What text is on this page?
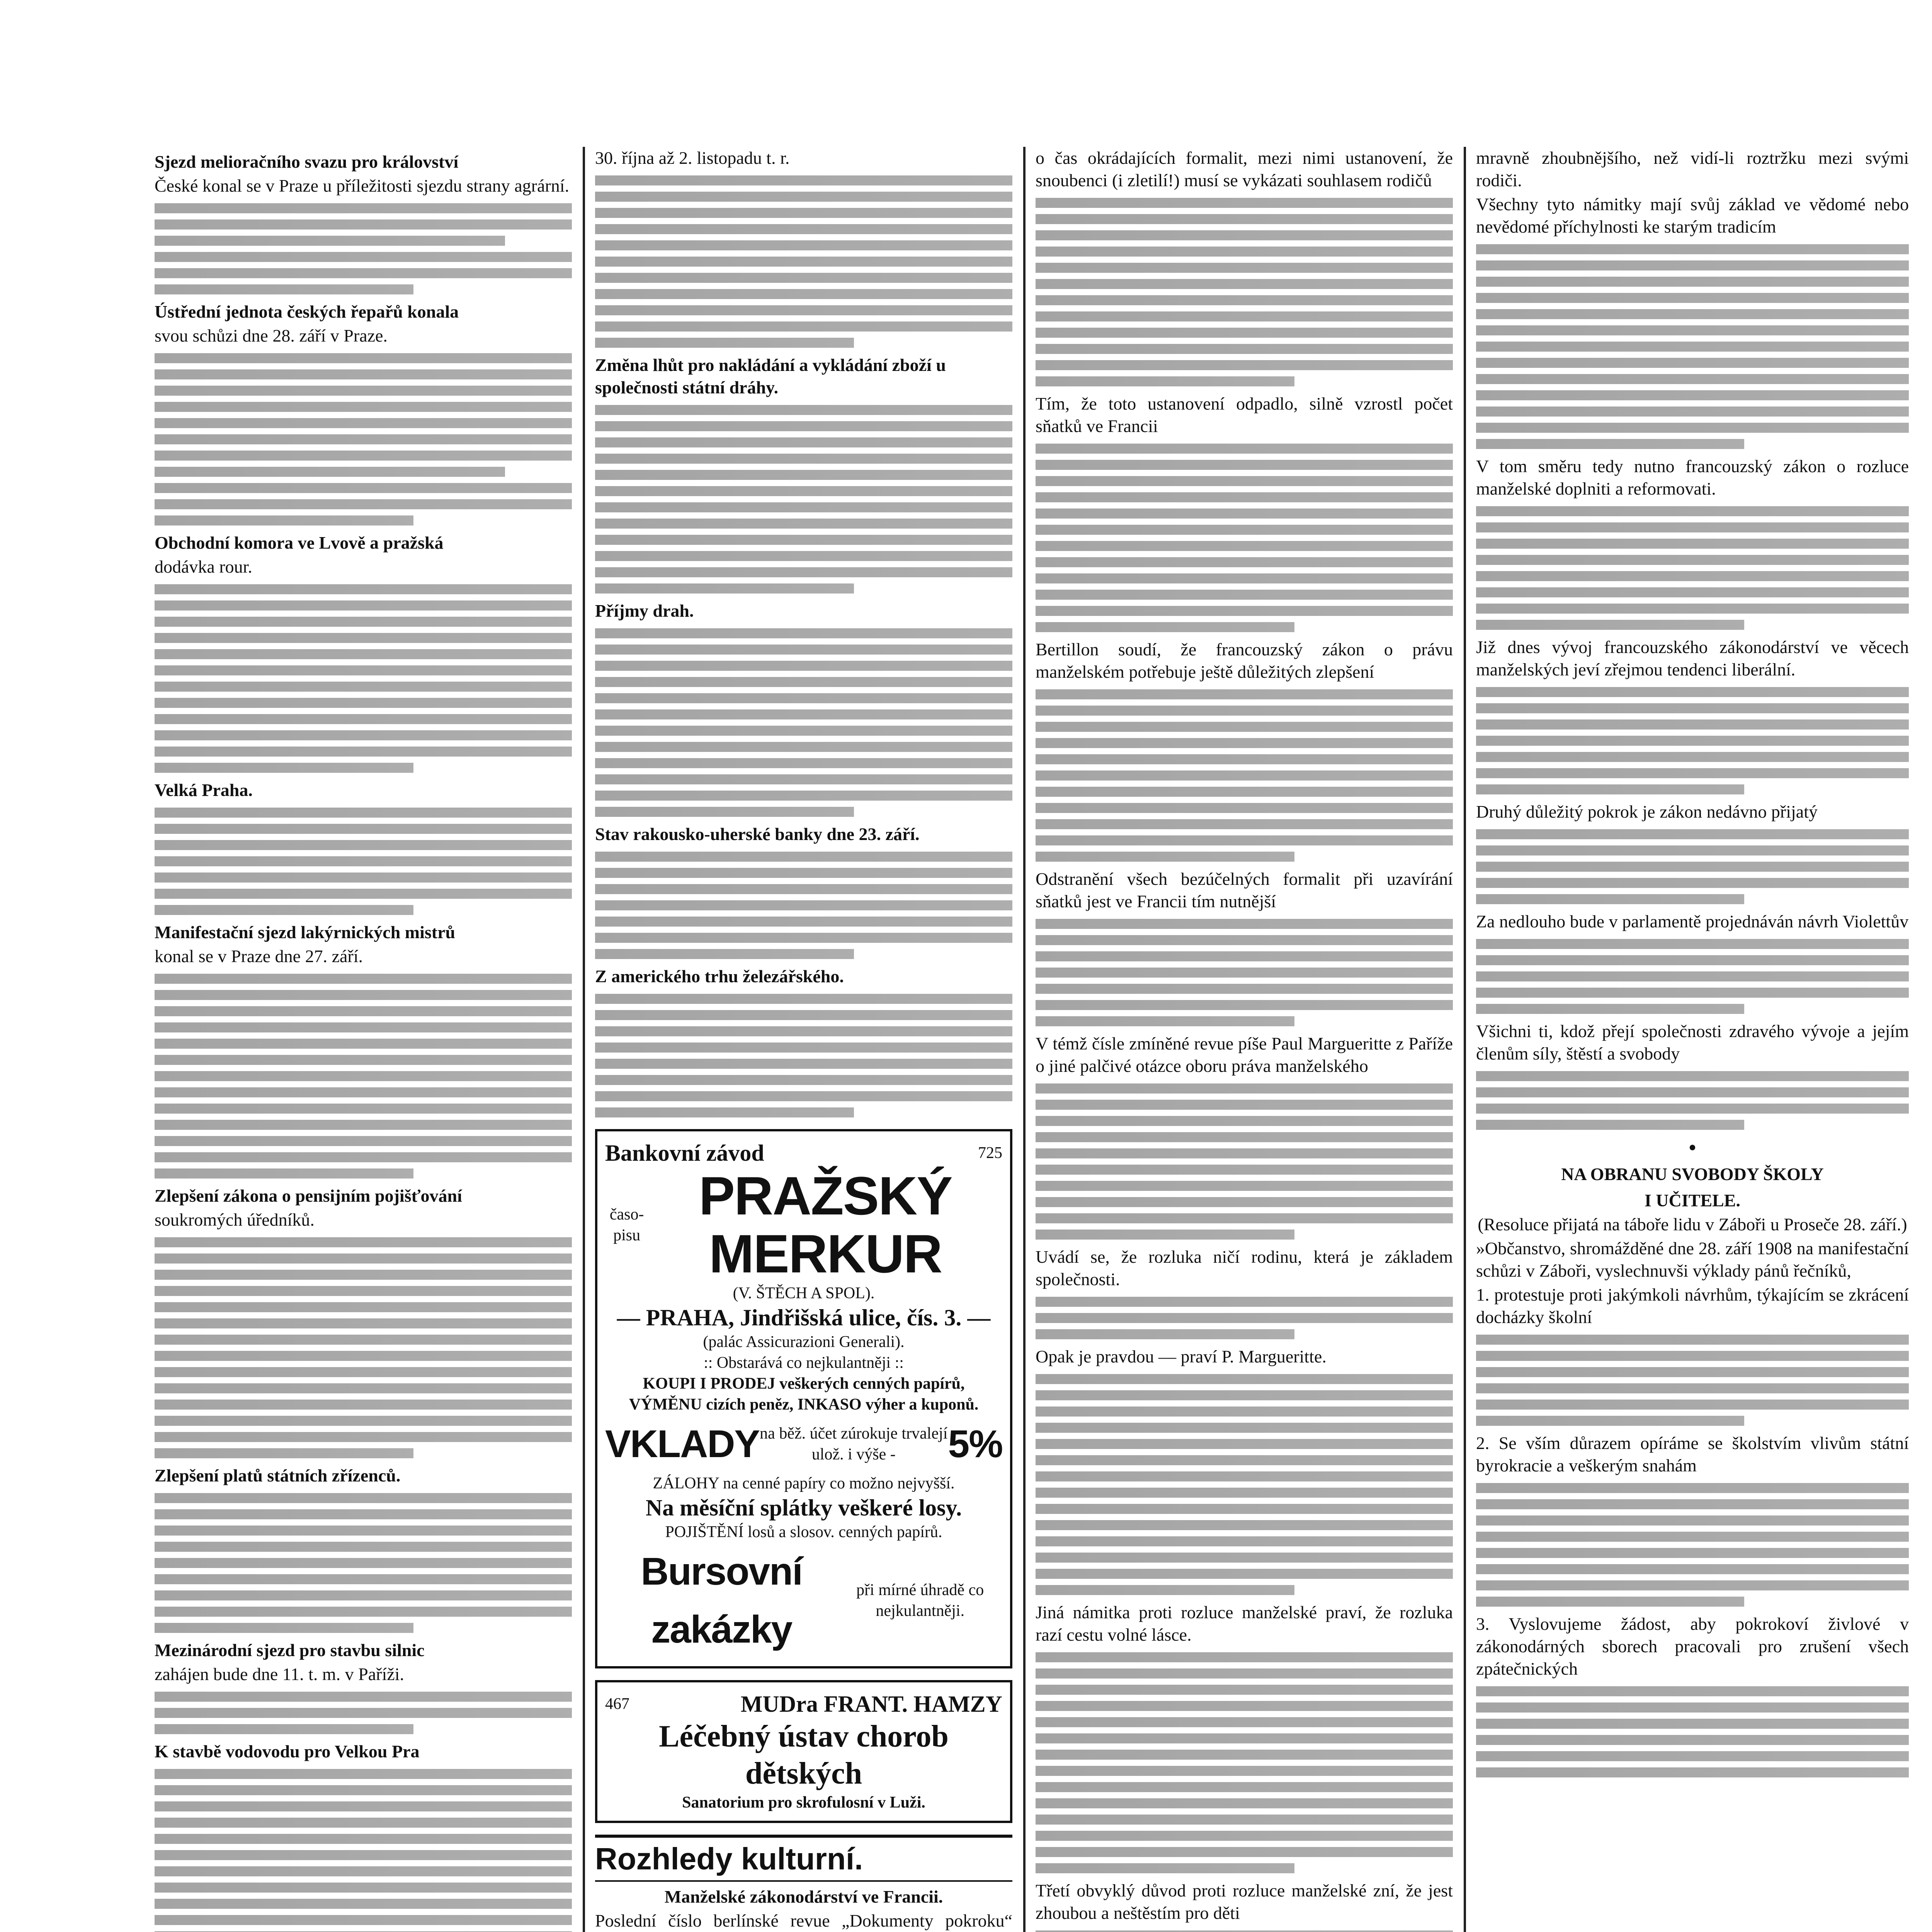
Sjezd melioračního svazu pro království
České konal se v Praze u příležitosti sjezdu strany agrární.
Ústřední jednota českých řepařů konala
svou schůzi dne 28. září v Praze.
Obchodní komora ve Lvově a pražská
dodávka rour.
Velká Praha.
Manifestační sjezd lakýrnických mistrů
konal se v Praze dne 27. září.
Zlepšení zákona o pensijním pojišťování
soukromých úředníků.
Zlepšení platů státních zřízenců.
Mezinárodní sjezd pro stavbu silnic
zahájen bude dne 11. t. m. v Paříži.
K stavbě vodovodu pro Velkou Pra
30. října až 2. listopadu t. r.
Změna lhůt pro nakládání a vykládání zboží u společnosti státní dráhy.
Příjmy drah.
Stav rakousko-uherské banky dne 23. září.
Z amerického trhu železářského.
Bankovní závod	725
časo-pisu
PRAŽSKÝ MERKUR
(V. ŠTĚCH A SPOL).
— PRAHA, Jindřišská ulice, čís. 3. —
(palác Assicurazioni Generali).
:: Obstarává co nejkulantněji ::
KOUPI I PRODEJ veškerých cenných papírů,
VÝMĚNU cizích peněz, INKASO výher a kuponů.
VKLADY na běž. účet zúrokuje trvalejí ulož. i výše -	5%
ZÁLOHY na cenné papíry co možno nejvyšší.
Na měsíční splátky veškeré losy.
POJIŠTĚNÍ losů a slosov. cenných papírů.
Bursovní zakázky
při mírné úhradě co nejkulantněji.
467	MUDra FRANT. HAMZY
Léčebný ústav chorob dětských
Sanatorium pro skrofulosní v Luži.
Rozhledy kulturní.
Manželské zákonodárství ve Francii.
Poslední číslo berlínské revue „Dokumenty pokroku“
o čas okrádajících formalit, mezi nimi ustanovení, že snoubenci (i zletilí!) musí se vykázati souhlasem rodičů
Tím, že toto ustanovení odpadlo, silně vzrostl počet sňatků ve Francii
Bertillon soudí, že francouzský zákon o právu manželském potřebuje ještě důležitých zlepšení
Odstranění všech bezúčelných formalit při uzavírání sňatků jest ve Francii tím nutnější
V témž čísle zmíněné revue píše Paul Margueritte z Paříže o jiné palčivé otázce oboru práva manželského
Uvádí se, že rozluka ničí rodinu, která je základem společnosti.
Opak je pravdou — praví P. Margueritte.
Jiná námitka proti rozluce manželské praví, že rozluka razí cestu volné lásce.
Třetí obvyklý důvod proti rozluce manželské zní, že jest zhoubou a neštěstím pro děti
mravně zhoubnějšího, než vidí-li roztržku mezi svými rodiči.
Všechny tyto námitky mají svůj základ ve vědomé nebo nevědomé příchylnosti ke starým tradicím
V tom směru tedy nutno francouzský zákon o rozluce manželské doplniti a reformovati.
Již dnes vývoj francouzského zákonodárství ve věcech manželských jeví zřejmou tendenci liberální.
Druhý důležitý pokrok je zákon nedávno přijatý
Za nedlouho bude v parlamentě projednáván návrh Violettův
Všichni ti, kdož přejí společnosti zdravého vývoje a jejím členům síly, štěstí a svobody
•
NA OBRANU SVOBODY ŠKOLY
I UČITELE.
(Resoluce přijatá na táboře lidu v Záboři u Proseče 28. září.)
»Občanstvo, shromážděné dne 28. září 1908 na manifestační schůzi v Záboři, vyslechnuvši výklady pánů řečníků,
1. protestuje proti jakýmkoli návrhům, týkajícím se zkrácení docházky školní
2. Se vším důrazem opíráme se školstvím vlivům státní byrokracie a veškerým snahám
3. Vyslovujeme žádost, aby pokrokoví živlové v zákonodárných sborech pracovali pro zrušení všech zpátečnických
